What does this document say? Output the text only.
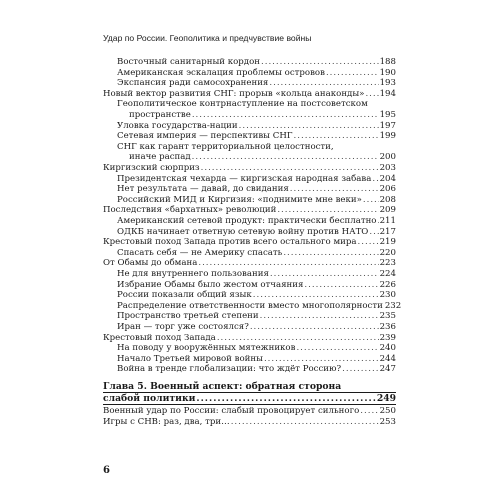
Удар по России. Геополитика и предчувствие войны
Восточный санитарный кордон .....	188
Американская эскалация проблемы островов .....	190
Экспансия ради самосохранения .....	193
Новый вектор развития СНГ: прорыв «кольца анаконды» ..... 194
Геополитическое контрнаступление на постсоветском
пространстве .....	195
Уловка государства-нации .....	197
Сетевая империя — перспективы СНГ .....	199
СНГ как гарант территориальной целостности,
иначе распад .....	200
Киргизский сюрприз .....	203
Президентская чехарда — киргизская народная забава ..... 204
Нет результата — давай, до свидания .....	206
Российский МИД и Киргизия: «поднимите мне веки» ..... 208
Последствия «бархатных» революций .....	209
Американский сетевой продукт: практически бесплатно ..... 211
ОДКБ начинает ответную сетевую войну против НАТО ..... 217
Крестовый поход Запада против всего остального мира .....	219
Спасать себя — не Америку спасать .....	220
От Обамы до обмана .....	223
Не для внутреннего пользования .....	224
Избрание Обамы было жестом отчаяния .....	226
России показали общий язык .....	230
Распределение ответственности вместо многополярности 232
Пространство третьей степени .....	235
Иран — торг уже состоялся? .....	236
Крестовый поход Запада .....	239
На поводу у вооружённых мятежников .....	240
Начало Третьей мировой войны .....	244
Война в тренде глобализации: что ждёт Россию? .....	247
Глава 5. Военный аспект: обратная сторона
слабой политики .....	249
Военный удар по России: слабый провоцирует сильного ..... 250
Игры с СНВ: раз, два, три… .....	253
6
